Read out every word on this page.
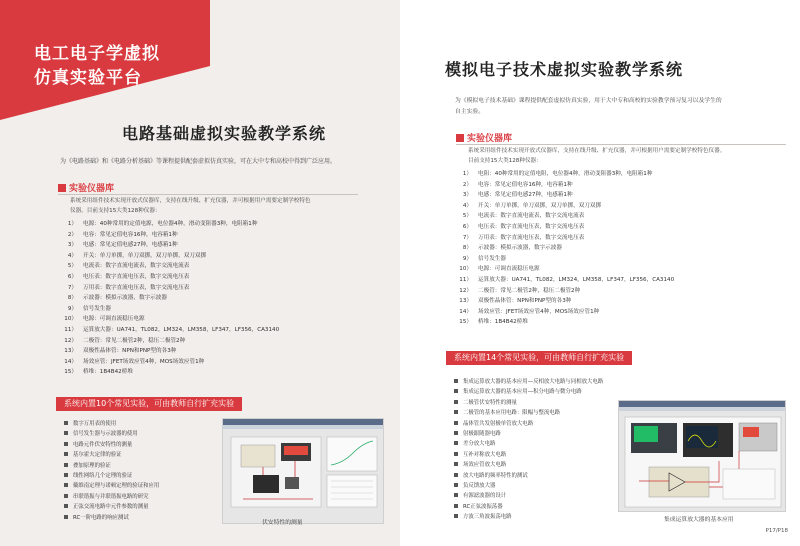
电工电子学虚拟
仿真实验平台
电路基础虚拟实验教学系统
为《电路基础》和《电路分析基础》等课程提供配套虚拟仿真实验，可在大中专和高校中得到广泛应用。
实验仪器库
系统采用组件技术实现开放式仪器库，支持在线升级、扩充仪器，并可根据用户需要定制学校特色
仪器。目前支持15大类128种仪器：
1） 电源：40种常用的定值电源，电位器4种，滑动变阻器3种，电阻箱1种
2） 电容：常见定值电容16种，电容箱1种
3） 电感：常见定值电感27种，电感箱1种
4） 开关：单刀单掷，单刀双掷，双刀单掷，双刀双掷
5） 电流表：数字直流电流表，数字交流电流表
6） 电压表：数字直流电压表，数字交流电压表
7） 万用表：数字直流电压表，数字交流电压表
8） 示波器：模拟示波器，数字示波器
9） 信号发生器
10） 电源：可调直流稳压电源
11） 运算放大器：UA741，TL082，LM324，LM358，LF347，LF356，CA3140
12） 二极管：常见二极管2种，稳压二极管2种
13） 双极性晶体管：NPN和PNP型的各3种
14） 场效应管：JFET场效应管4种，MOS场效应管1种
15） 桥堆：1B4B42桥堆
系统内置10个常见实验，可由教师自行扩充实验
数字万用表的使用
信号发生器与示波器的使用
电路元件伏安特性的测量
基尔霍夫定律的验证
叠加原理的验证
线性网络几个定理的验证
戴维南定理与诺顿定理的验证和应用
串联谐振与并联谐振电路的研究
正弦交流电路中元件参数的测量
RC一阶电路的响应测试
伏安特性的测量
模拟电子技术虚拟实验教学系统
为《模拟电子技术基础》课程提供配套虚拟仿真实验，用于大中专和高校的实验教学预习复习以及学生的
自主实验。
实验仪器库
系统采用组件技术实现开放式仪器库，支持在线升级、扩充仪器，并可根据用户需要定制学校特色仪器。
目前支持15大类128种仪器：
1） 电阻：40种常用的定值电阻，电位器4种，滑动变阻器3种，电阻箱1种
2） 电容：常见定值电容16种，电容箱1种
3） 电感：常见定值电感27种，电感箱1种
4） 开关：单刀单掷，单刀双掷，双刀单掷，双刀双掷
5） 电流表：数字直流电流表，数字交流电流表
6） 电压表：数字直流电压表，数字交流电压表
7） 万用表：数字直流电压表，数字交流电压表
8） 示波器：模拟示波器，数字示波器
9） 信号发生器
10） 电源：可调直流稳压电源
11） 运算放大器：UA741，TL082，LM324，LM358，LF347，LF356，CA3140
12） 二极管：常见二极管2种，稳压二极管2种
13） 双极性晶体管：NPN和PNP型的各3种
14） 场效应管：JFET场效应管4种，MOS场效应管1种
15） 桥堆：1B4B42桥堆
系统内置14个常见实验，可由教师自行扩充实验
集成运算放大器的基本应用—反相放大电路与同相放大电路
集成运算放大器的基本应用—积分电路与微分电路
二极管伏安特性的测量
二极管的基本应用电路：限幅与整流电路
晶体管共发射极单管放大电路
射极跟随器电路
差分放大电路
互补对称放大电路
场效应管放大电路
放大电路的频率特性的测试
负反馈放大器
有源滤波器的设计
RC正弦波振荡器
方波三角波振荡电路	集成运算放大器的基本应用
P17/P18
